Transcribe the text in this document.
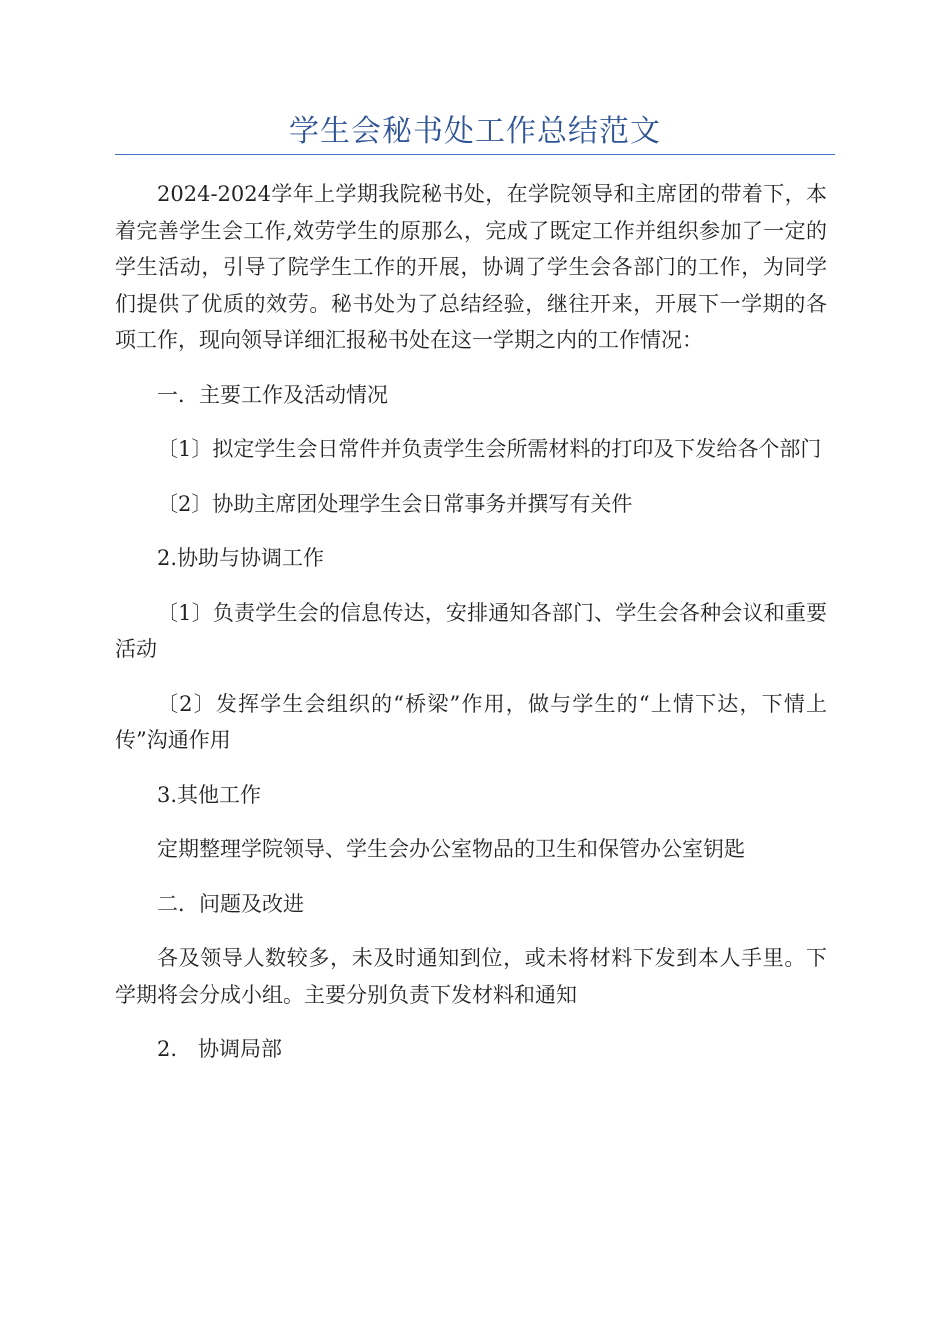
学生会秘书处工作总结范文

2024-2024学年上学期我院秘书处，在学院领导和主席团的带着下，本着完善学生会工作,效劳学生的原那么，完成了既定工作并组织参加了一定的学生活动，引导了院学生工作的开展，协调了学生会各部门的工作，为同学们提供了优质的效劳。秘书处为了总结经验，继往开来，开展下一学期的各项工作，现向领导详细汇报秘书处在这一学期之内的工作情况：

一．主要工作及活动情况

〔1〕拟定学生会日常件并负责学生会所需材料的打印及下发给各个部门

〔2〕协助主席团处理学生会日常事务并撰写有关件

2.协助与协调工作

〔1〕负责学生会的信息传达，安排通知各部门、学生会各种会议和重要活动

〔2〕发挥学生会组织的“桥梁”作用，做与学生的“上情下达，下情上传”沟通作用

3.其他工作

定期整理学院领导、学生会办公室物品的卫生和保管办公室钥匙

二．问题及改进

各及领导人数较多，未及时通知到位，或未将材料下发到本人手里。下学期将会分成小组。主要分别负责下发材料和通知

2.　协调局部
